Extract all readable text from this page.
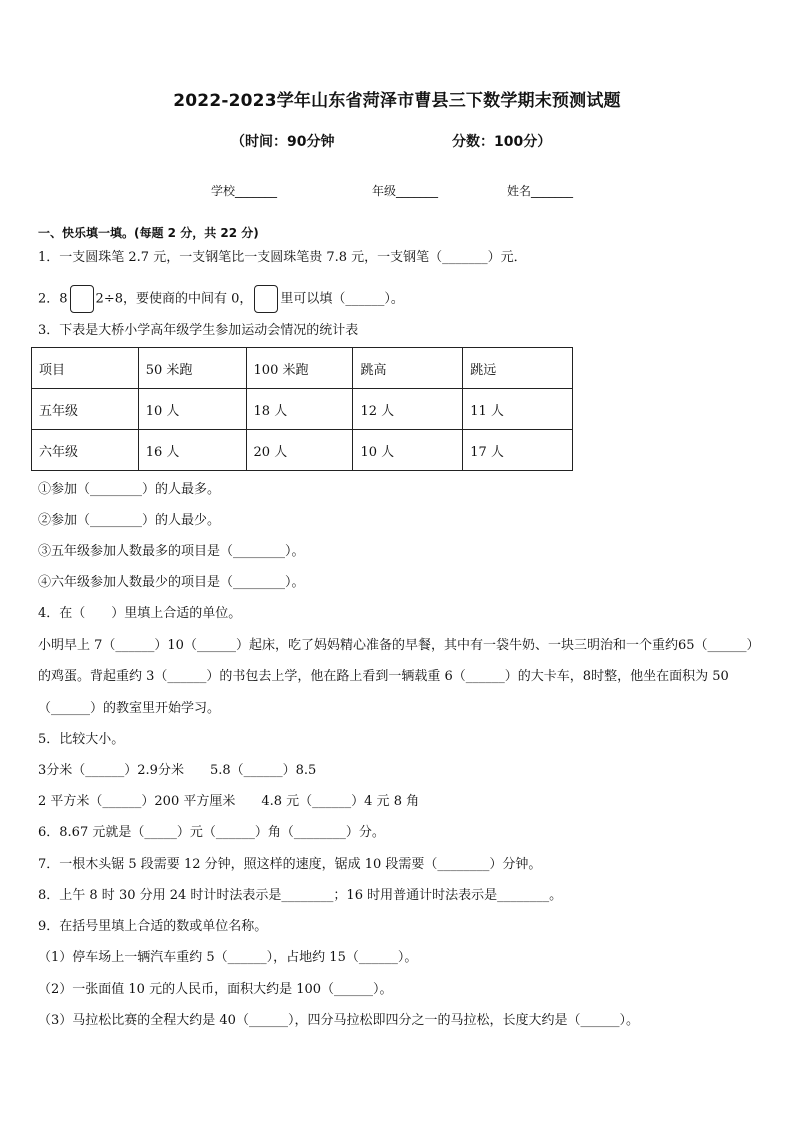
2022-2023学年山东省菏泽市曹县三下数学期末预测试题
（时间：90分钟	分数：100分）
学校_______	年级_______	姓名_______
一、快乐填一填。(每题 2 分，共 22 分)
1．一支圆珠笔 2.7 元，一支钢笔比一支圆珠笔贵 7.8 元，一支钢笔（_______）元．
2．8 2÷8，要使商的中间有 0， 里可以填（______）。
3．下表是大桥小学高年级学生参加运动会情况的统计表
项目	50 米跑	100 米跑	跳高	跳远
五年级	10 人	18 人	12 人	11 人
六年级	16 人	20 人	10 人	17 人
①参加（________）的人最多。
②参加（________）的人最少。
③五年级参加人数最多的项目是（________）。
④六年级参加人数最少的项目是（________）。
4．在（　　）里填上合适的单位。
小明早上 7（______）10（______）起床，吃了妈妈精心准备的早餐，其中有一袋牛奶、一块三明治和一个重约65（______）
的鸡蛋。背起重约 3（______）的书包去上学，他在路上看到一辆载重 6（______）的大卡车，8时整，他坐在面积为 50
（______）的教室里开始学习。
5．比较大小。
3分米（______）2.9分米　　5.8（______）8.5
2 平方米（______）200 平方厘米　　4.8 元（______）4 元 8 角
6．8.67 元就是（_____）元（______）角（________）分。
7．一根木头锯 5 段需要 12 分钟，照这样的速度，锯成 10 段需要（________）分钟。
8．上午 8 时 30 分用 24 时计时法表示是________；16 时用普通计时法表示是________。
9．在括号里填上合适的数或单位名称。
（1）停车场上一辆汽车重约 5（______），占地约 15（______）。
（2）一张面值 10 元的人民币，面积大约是 100（______）。
（3）马拉松比赛的全程大约是 40（______），四分马拉松即四分之一的马拉松，长度大约是（______）。
